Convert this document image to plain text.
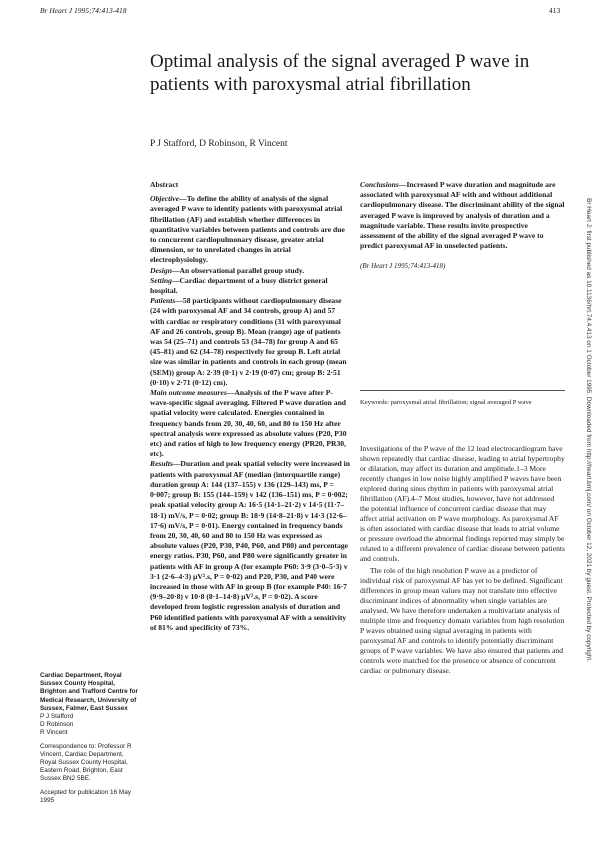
Br Heart J 1995;74:413-418	413
Optimal analysis of the signal averaged P wave in patients with paroxysmal atrial fibrillation
P J Stafford, D Robinson, R Vincent
Br Heart J: first published as 10.1136/hrt.74.4.413 on 1 October 1995. Downloaded from http://heart.bmj.com/ on October 12, 2021 by guest. Protected by copyright.

Abstract

Objective—To define the ability of analysis of the signal averaged P wave to identify patients with paroxysmal atrial fibrillation (AF) and establish whether differences in quantitative variables between patients and controls are due to concurrent cardiopulmonary disease, greater atrial dimension, or to unrelated changes in atrial electrophysiology.

Design—An observational parallel group study.

Setting—Cardiac department of a busy district general hospital.

Patients—58 participants without cardiopulmonary disease (24 with paroxysmal AF and 34 controls, group A) and 57 with cardiac or respiratory conditions (31 with paroxysmal AF and 26 controls, group B). Mean (range) age of patients was 54 (25–71) and controls 53 (34–78) for group A and 65 (45–81) and 62 (34–78) respectively for group B. Left atrial size was similar in patients and controls in each group (mean (SEM)) group A: 2·39 (0·1) v 2·19 (0·07) cm; group B: 2·51 (0·10) v 2·71 (0·12) cm).

Main outcome measures—Analysis of the P wave after P-wave-specific signal averaging. Filtered P wave duration and spatial velocity were calculated. Energies contained in frequency bands from 20, 30, 40, 60, and 80 to 150 Hz after spectral analysis were expressed as absolute values (P20, P30 etc) and ratios of high to low frequency energy (PR20, PR30, etc).

Results—Duration and peak spatial velocity were increased in patients with paroxysmal AF (median (interquartile range) duration group A: 144 (137–155) v 136 (129–143) ms, P = 0·007; group B: 155 (144–159) v 142 (136–151) ms, P = 0·002; peak spatial velocity group A: 16·5 (14·1–21·2) v 14·5 (11·7–18·1) mV/s, P = 0·02; group B: 18·9 (14·8–21·8) v 14·3 (12·6–17·6) mV/s, P = 0·01). Energy contained in frequency bands from 20, 30, 40, 60 and 80 to 150 Hz was expressed as absolute values (P20, P30, P40, P60, and P80) and percentage energy ratios. P30, P60, and P80 were significantly greater in patients with AF in group A (for example P60: 3·9 (3·0–5·3) v 3·1 (2·6–4·3) µV².s, P = 0·02) and P20, P30, and P40 were increased in those with AF in group B (for example P40: 16·7 (9·9–20·8) v 10·8 (8·1–14·8) µV².s, P = 0·02). A score developed from logistic regression analysis of duration and P60 identified patients with paroxysmal AF with a sensitivity of 81% and specificity of 73%.

Conclusions—Increased P wave duration and magnitude are associated with paroxysmal AF with and without additional cardiopulmonary disease. The discriminant ability of the signal averaged P wave is improved by analysis of duration and a magnitude variable. These results invite prospective assessment of the ability of the signal averaged P wave to predict paroxysmal AF in unselected patients.

(Br Heart J 1995;74:413-418)

Keywords: paroxysmal atrial fibrillation; signal averaged P wave

Investigations of the P wave of the 12 lead electrocardiogram have shown repeatedly that cardiac disease, leading to atrial hypertrophy or dilatation, may affect its duration and amplitude.1–3 More recently changes in low noise highly amplified P waves have been explored during sinus rhythm in patients with paroxysmal atrial fibrillation (AF).4–7 Most studies, however, have not addressed the potential influence of concurrent cardiac disease that may affect atrial activation on P wave morphology. As paroxysmal AF is often associated with cardiac disease that leads to atrial volume or pressure overload the abnormal findings reported may simply be related to a different prevalence of cardiac disease between patients and controls.

The role of the high resolution P wave as a predictor of individual risk of paroxysmal AF has yet to be defined. Significant differences in group mean values may not translate into effective discriminant indices of abnormality when single variables are analysed. We have therefore undertaken a multivariate analysis of multiple time and frequency domain variables from high resolution P waves obtained using signal averaging in patients with paroxysmal AF and controls to identify potentially discriminant groups of P wave variables. We have also ensured that patients and controls were matched for the presence or absence of concurrent cardiac or pulmonary disease.

Cardiac Department, Royal Sussex County Hospital, Brighton and Trafford Centre for Medical Research, University of Sussex, Falmer, East Sussex

P J Stafford

D Robinson

R Vincent

Correspondence to: Professor R Vincent, Cardiac Department, Royal Sussex County Hospital, Eastern Road, Brighton, East Sussex BN2 5BE.

Accepted for publication 16 May 1995
